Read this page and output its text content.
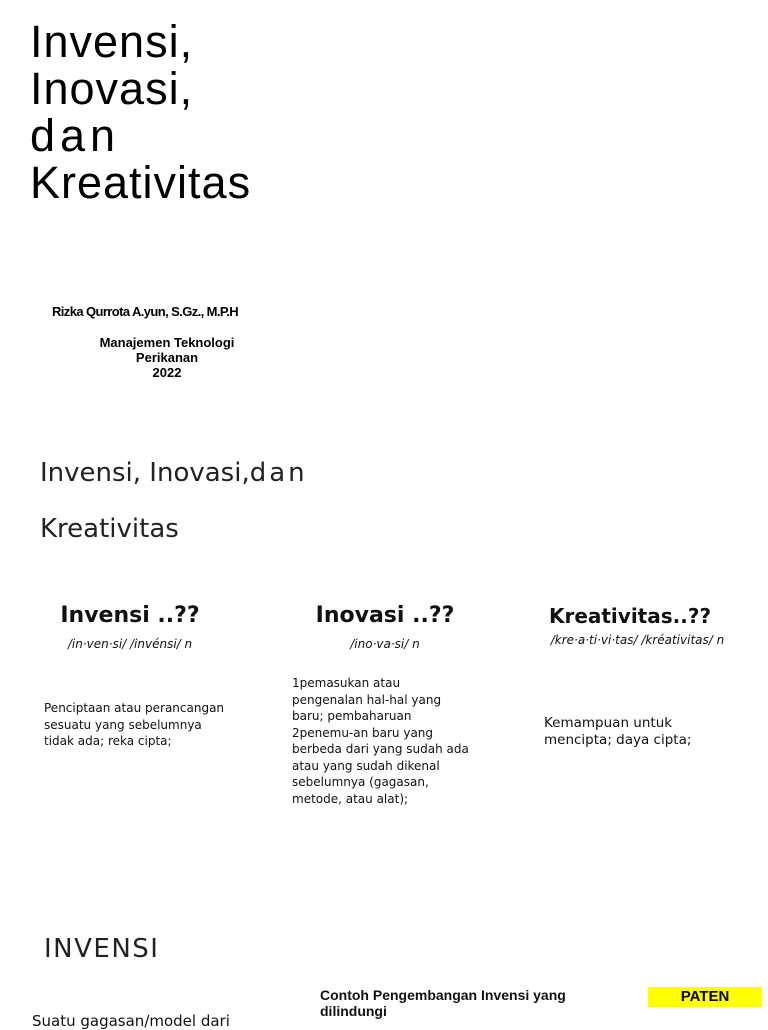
Invensi,
Inovasi,
dan
Kreativitas
Rizka Qurrota A.yun, S.Gz., M.P.H
Manajemen Teknologi
Perikanan
2022
Invensi, Inovasi,dan
Kreativitas
Invensi ..??
/in·ven·si/ /invénsi/ n
Penciptaan atau perancangan
sesuatu yang sebelumnya
tidak ada; reka cipta;
Inovasi ..??
/ino·va·si/ n
1pemasukan atau
pengenalan hal-hal yang
baru; pembaharuan
2penemu-an baru yang
berbeda dari yang sudah ada
atau yang sudah dikenal
sebelumnya (gagasan,
metode, atau alat);
Kreativitas..??
/kre·a·ti·vi·tas/ /kréativitas/ n
Kemampuan untuk
mencipta; daya cipta;
INVENSI
Suatu gagasan/model dari
Contoh Pengembangan Invensi yang
dilindungi
PATEN
